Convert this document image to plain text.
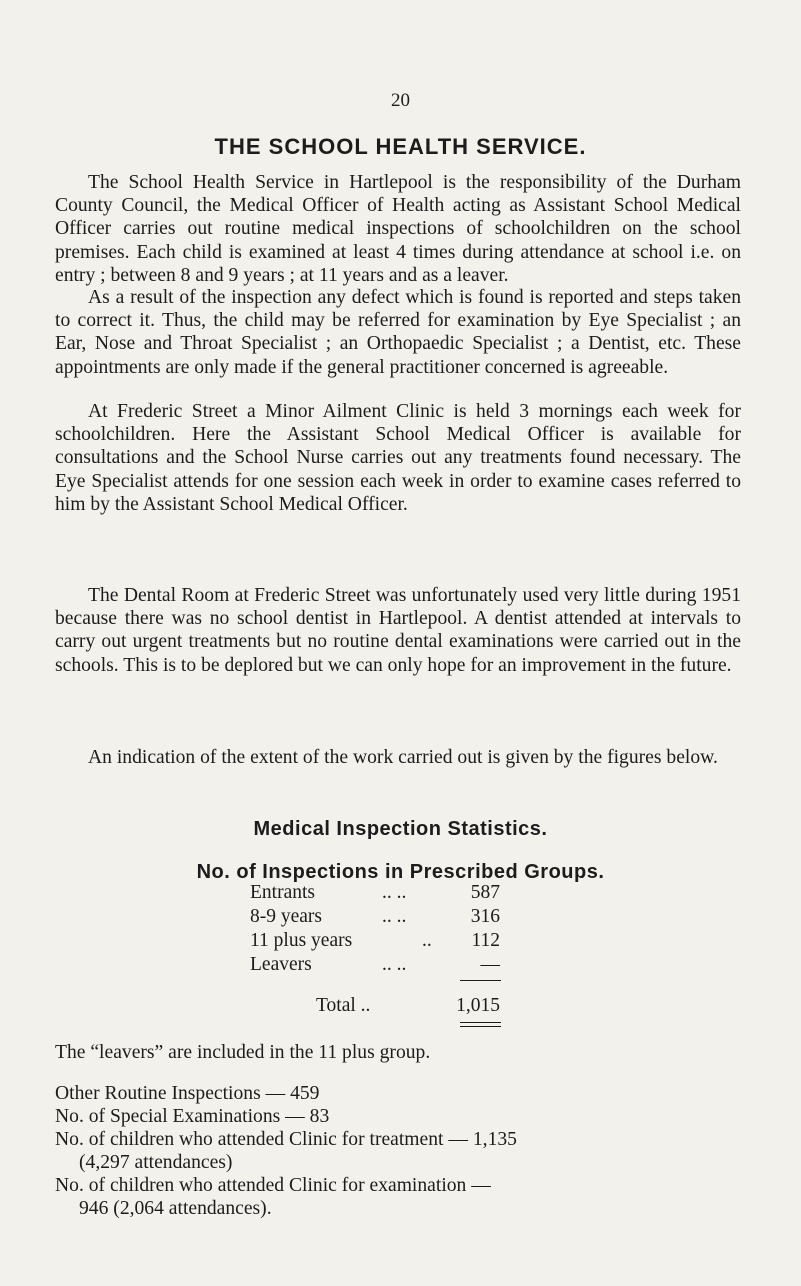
20
THE SCHOOL HEALTH SERVICE.

The School Health Service in Hartlepool is the responsibility of the Durham County Council, the Medical Officer of Health acting as Assistant School Medical Officer carries out routine medical inspections of schoolchildren on the school premises. Each child is examined at least 4 times during attendance at school i.e. on entry ; between 8 and 9 years ; at 11 years and as a leaver.

As a result of the inspection any defect which is found is reported and steps taken to correct it. Thus, the child may be referred for examination by Eye Specialist ; an Ear, Nose and Throat Specialist ; an Orthopaedic Specialist ; a Dentist, etc. These appointments are only made if the general practitioner concerned is agreeable.

At Frederic Street a Minor Ailment Clinic is held 3 mornings each week for schoolchildren. Here the Assistant School Medical Officer is available for consultations and the School Nurse carries out any treatments found necessary. The Eye Specialist attends for one session each week in order to examine cases referred to him by the Assistant School Medical Officer.

The Dental Room at Frederic Street was unfortunately used very little during 1951 because there was no school dentist in Hartlepool. A dentist attended at intervals to carry out urgent treatments but no routine dental examinations were carried out in the schools. This is to be deplored but we can only hope for an improvement in the future.

An indication of the extent of the work carried out is given by the figures below.

Medical Inspection Statistics.
No. of Inspections in Prescribed Groups.
Entrants	.. ..	587
8-9 years	.. ..	316
11 plus years	.. 112
Leavers	.. ..	—
Total ..	1,015
The “leavers” are included in the 11 plus group.
Other Routine Inspections — 459
No. of Special Examinations — 83
No. of children who attended Clinic for treatment — 1,135
(4,297 attendances)
No. of children who attended Clinic for examination —
946 (2,064 attendances).
